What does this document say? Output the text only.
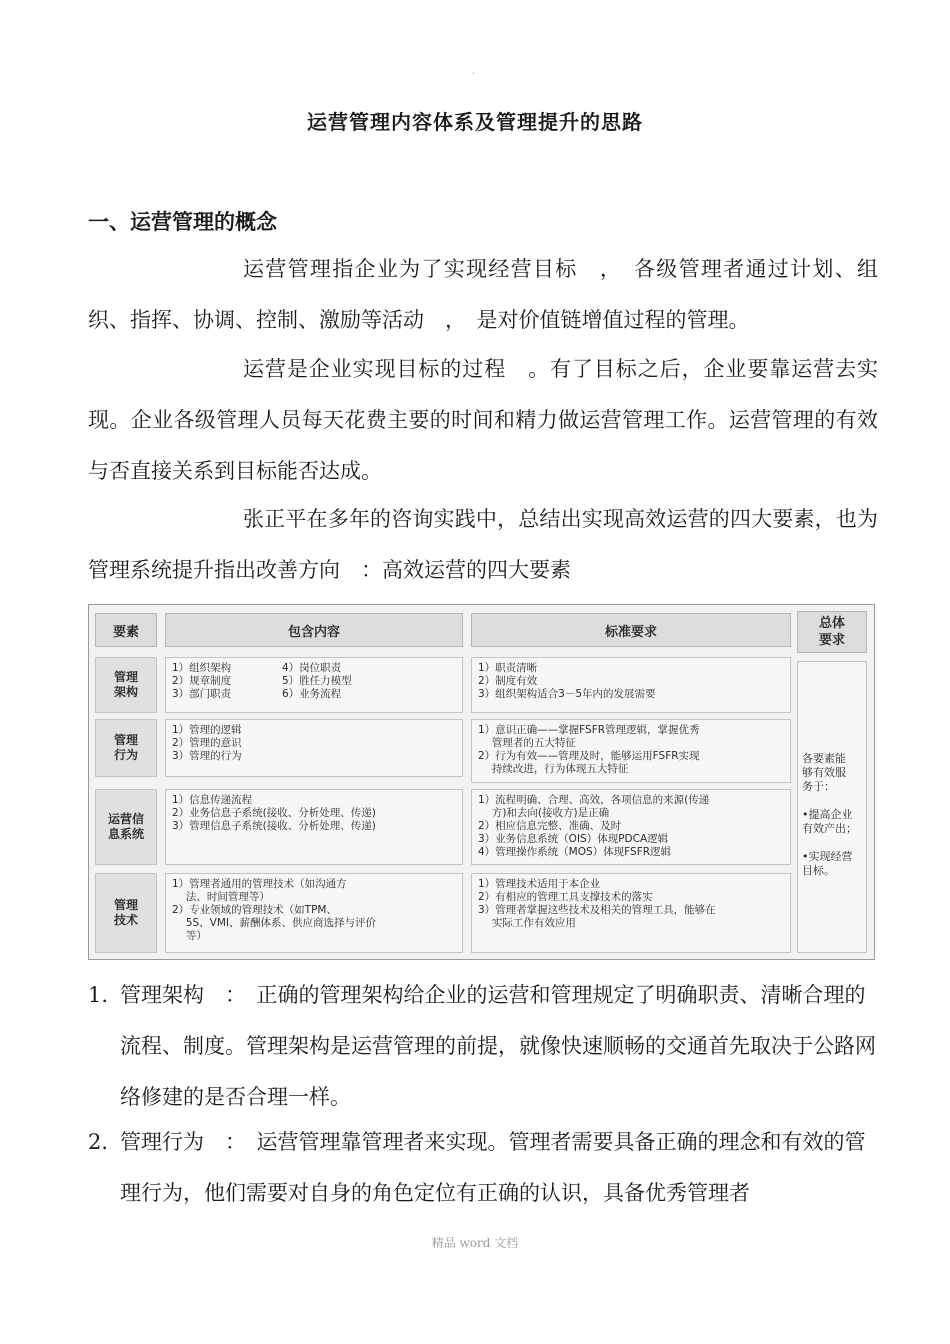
.
运营管理内容体系及管理提升的思路
一、运营管理的概念
运营管理指企业为了实现经营目标　，　各级管理者通过计划、组织、指挥、协调、控制、激励等活动　，　是对价值链增值过程的管理。
运营是企业实现目标的过程　。有了目标之后，企业要靠运营去实现。企业各级管理人员每天花费主要的时间和精力做运营管理工作。运营管理的有效与否直接关系到目标能否达成。
张正平在多年的咨询实践中，总结出实现高效运营的四大要素，也为管理系统提升指出改善方向　：高效运营的四大要素
要素	包含内容	标准要求
总体
要求
管理
架构
1）组织架构
2）规章制度
3）部门职责
4）岗位职责
5）胜任力模型
6）业务流程
1）职责清晰
2）制度有效
3）组织架构适合3－5年内的发展需要
管理
行为
1）管理的逻辑
2）管理的意识
3）管理的行为
1）意识正确——掌握FSFR管理逻辑，掌握优秀
　 管理者的五大特征
2）行为有效——管理及时，能够运用FSFR实现
　 持续改进，行为体现五大特征
运营信
息系统
1）信息传递流程
2）业务信息子系统(接收、分析处理、传递)
3）管理信息子系统(接收、分析处理、传递)
1）流程明确、合理、高效，各项信息的来源(传递
　 方)和去向(接收方)是正确
2）相应信息完整、准确、及时
3）业务信息系统（OIS）体现PDCA逻辑
4）管理操作系统（MOS）体现FSFR逻辑
管理
技术
1）管理者通用的管理技术（如沟通方
　 法、时间管理等）
2）专业领域的管理技术（如TPM、
　 5S、VMI、薪酬体系、供应商选择与评价
　 等）
1）管理技术适用于本企业
2）有相应的管理工具支撑技术的落实
3）管理者掌握这些技术及相关的管理工具，能够在
　 实际工作有效应用
各要素能
够有效服
务于：

•提高企业
有效产出；

•实现经营
目标。
1. 管理架构　：　正确的管理架构给企业的运营和管理规定了明确职责、清晰合理的流程、制度。管理架构是运营管理的前提，就像快速顺畅的交通首先取决于公路网络修建的是否合理一样。
2. 管理行为　：　运营管理靠管理者来实现。管理者需要具备正确的理念和有效的管理行为，他们需要对自身的角色定位有正确的认识，具备优秀管理者
精品 word 文档
